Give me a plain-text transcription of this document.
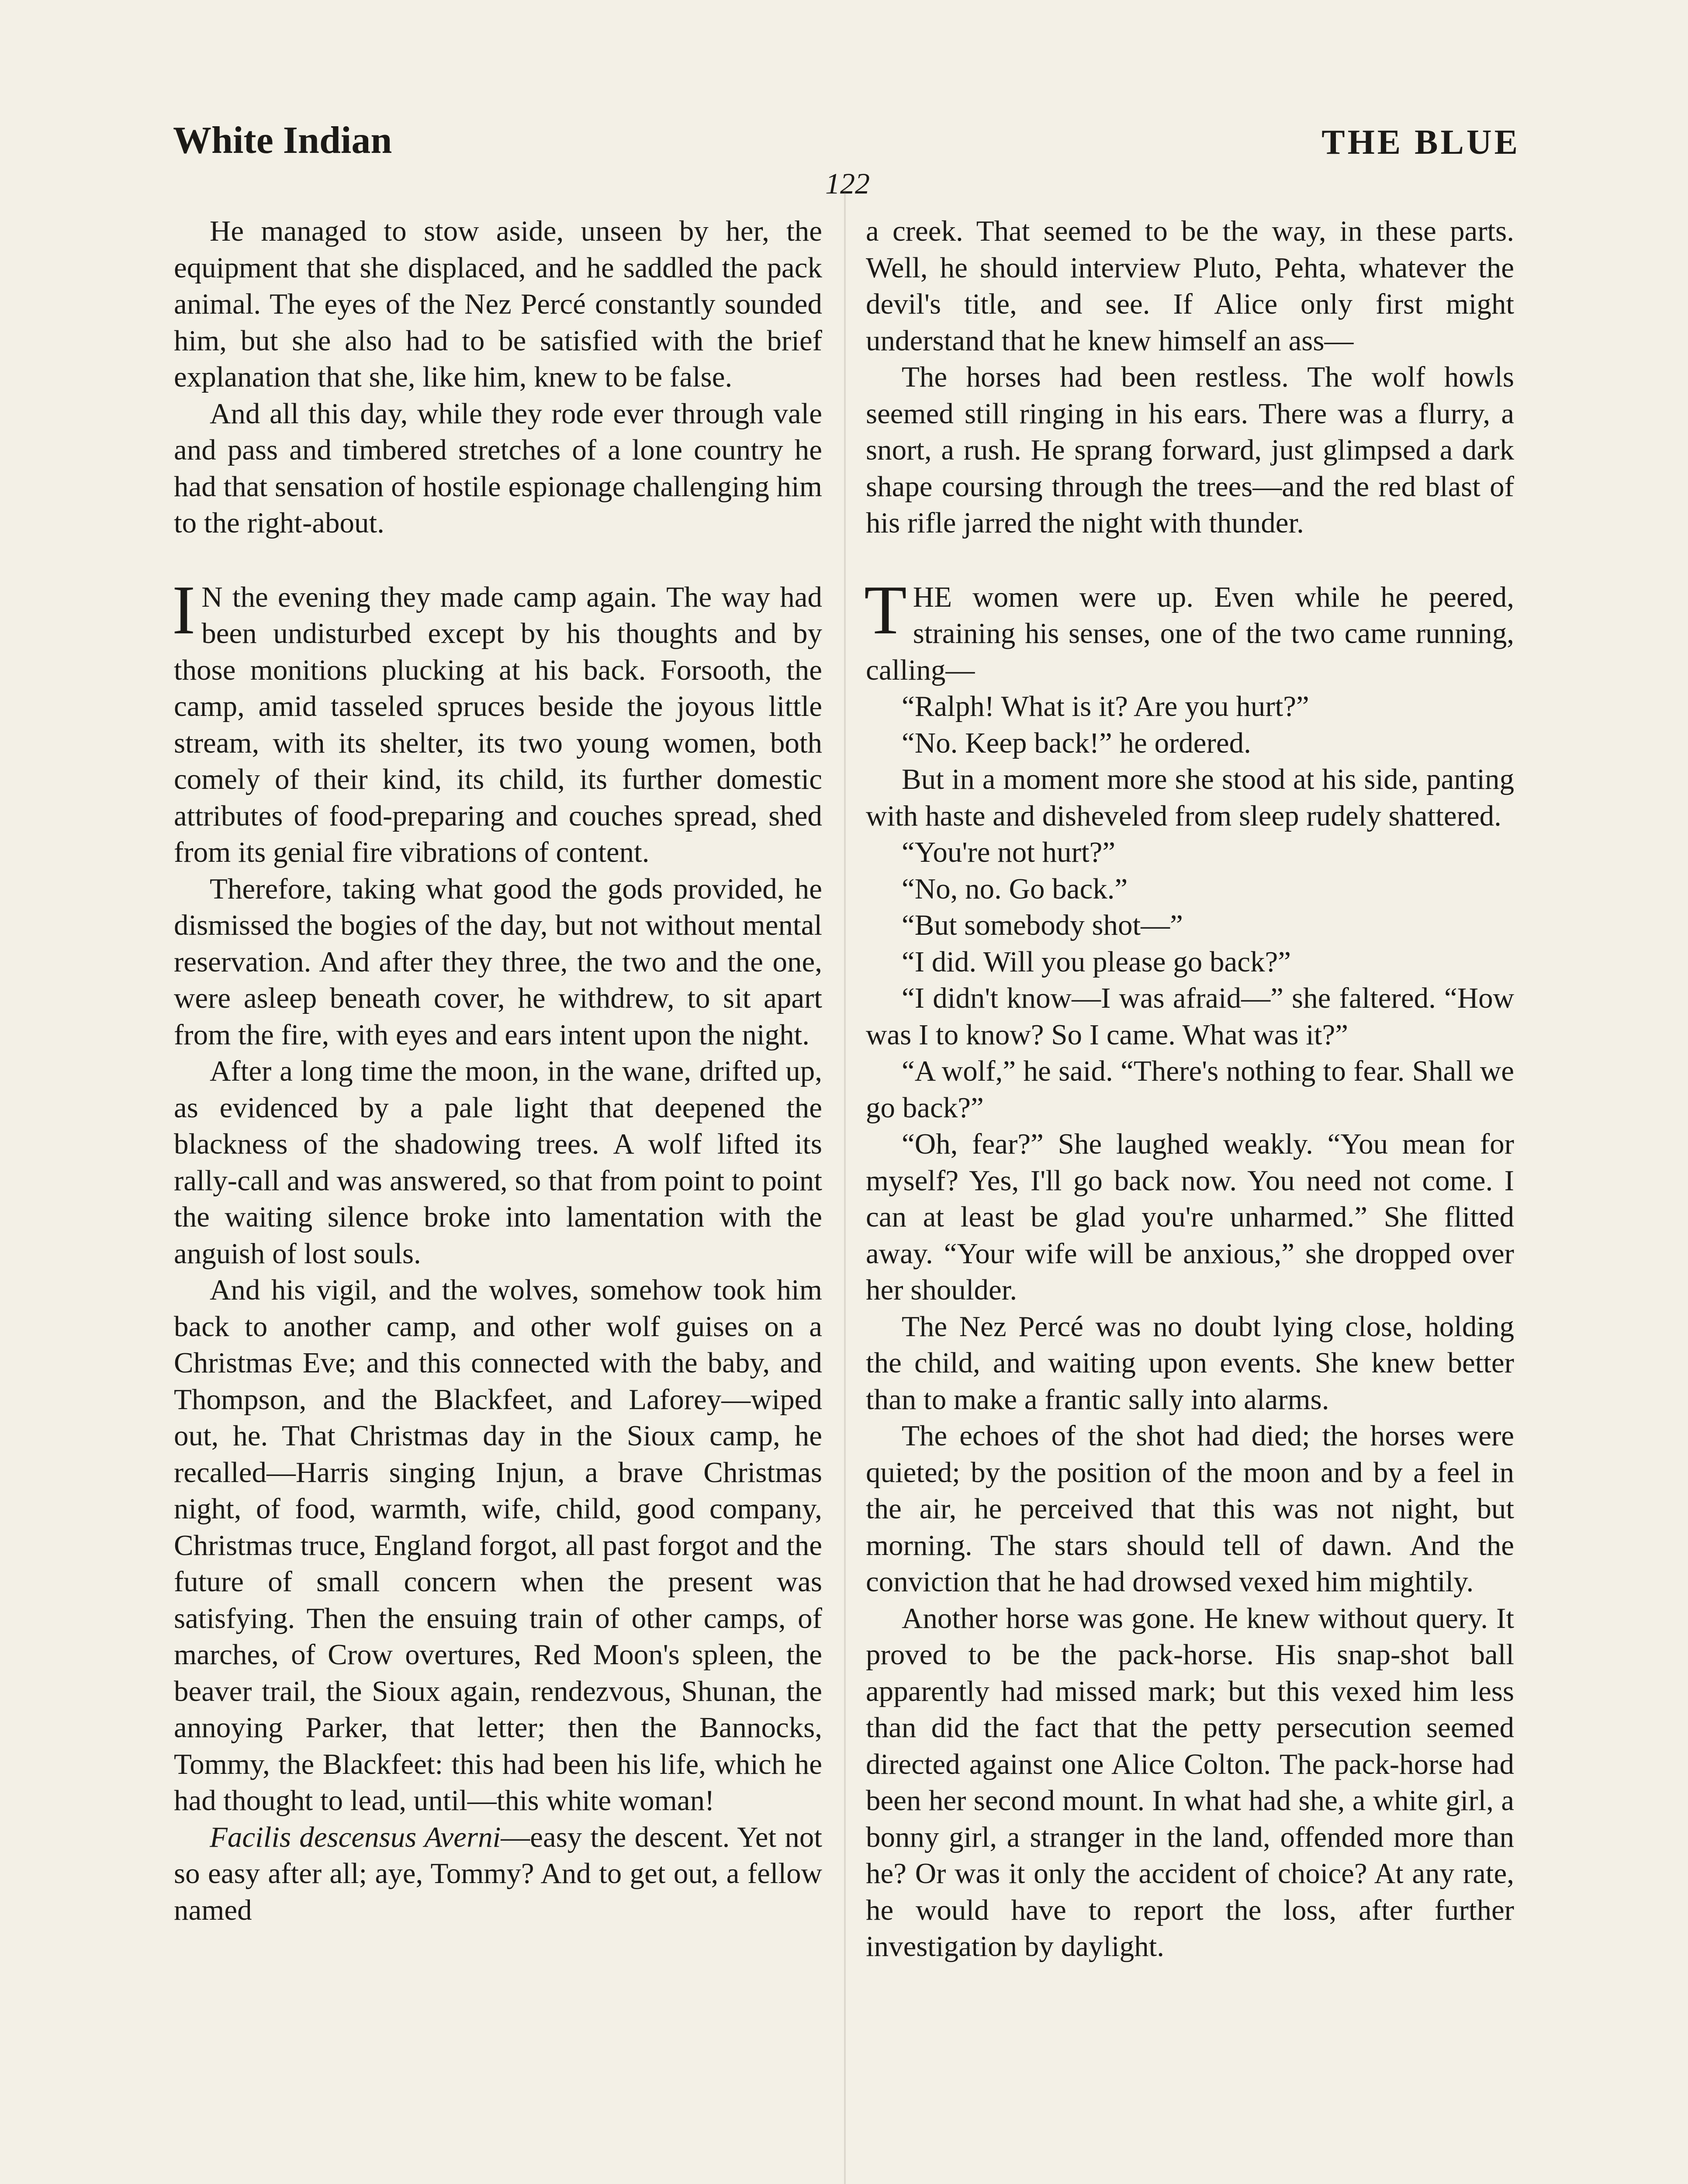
White Indian	THE BLUE
122

He managed to stow aside, unseen by her, the equipment that she displaced, and he saddled the pack animal. The eyes of the Nez Percé constantly sounded him, but she also had to be satisfied with the brief explanation that she, like him, knew to be false.

And all this day, while they rode ever through vale and pass and timbered stretches of a lone country he had that sensation of hostile espionage challenging him to the right-about.

I N the evening they made camp again. The way had been undisturbed except by his thoughts and by those monitions plucking at his back. Forsooth, the camp, amid tasseled spruces beside the joyous little stream, with its shelter, its two young women, both comely of their kind, its child, its further domestic attributes of food-preparing and couches spread, shed from its genial fire vibrations of content.

Therefore, taking what good the gods provided, he dismissed the bogies of the day, but not without mental reservation. And after they three, the two and the one, were asleep beneath cover, he withdrew, to sit apart from the fire, with eyes and ears intent upon the night.

After a long time the moon, in the wane, drifted up, as evidenced by a pale light that deepened the blackness of the shadowing trees. A wolf lifted its rally-call and was answered, so that from point to point the waiting silence broke into lamentation with the anguish of lost souls.

And his vigil, and the wolves, somehow took him back to another camp, and other wolf guises on a Christmas Eve; and this connected with the baby, and Thompson, and the Blackfeet, and Laforey—wiped out, he. That Christmas day in the Sioux camp, he recalled—Harris singing Injun, a brave Christmas night, of food, warmth, wife, child, good company, Christmas truce, England forgot, all past forgot and the future of small concern when the present was satisfying. Then the ensuing train of other camps, of marches, of Crow overtures, Red Moon's spleen, the beaver trail, the Sioux again, rendezvous, Shunan, the annoying Parker, that letter; then the Bannocks, Tommy, the Blackfeet: this had been his life, which he had thought to lead, until—this white woman!

Facilis descensus Averni—easy the descent. Yet not so easy after all; aye, Tommy? And to get out, a fellow named

a creek. That seemed to be the way, in these parts. Well, he should interview Pluto, Pehta, whatever the devil's title, and see. If Alice only first might understand that he knew himself an ass—

The horses had been restless. The wolf howls seemed still ringing in his ears. There was a flurry, a snort, a rush. He sprang forward, just glimpsed a dark shape coursing through the trees—and the red blast of his rifle jarred the night with thunder.

THE women were up. Even while he peered, straining his senses, one of the two came running, calling—

“Ralph! What is it? Are you hurt?”

“No. Keep back!” he ordered.

But in a moment more she stood at his side, panting with haste and disheveled from sleep rudely shattered.

“You're not hurt?”

“No, no. Go back.”

“But somebody shot—”

“I did. Will you please go back?”

“I didn't know—I was afraid—” she faltered. “How was I to know? So I came. What was it?”

“A wolf,” he said. “There's nothing to fear. Shall we go back?”

“Oh, fear?” She laughed weakly. “You mean for myself? Yes, I'll go back now. You need not come. I can at least be glad you're unharmed.” She flitted away. “Your wife will be anxious,” she dropped over her shoulder.

The Nez Percé was no doubt lying close, holding the child, and waiting upon events. She knew better than to make a frantic sally into alarms.

The echoes of the shot had died; the horses were quieted; by the position of the moon and by a feel in the air, he perceived that this was not night, but morning. The stars should tell of dawn. And the conviction that he had drowsed vexed him mightily.

Another horse was gone. He knew without query. It proved to be the pack-horse. His snap-shot ball apparently had missed mark; but this vexed him less than did the fact that the petty persecution seemed directed against one Alice Colton. The pack-horse had been her second mount. In what had she, a white girl, a bonny girl, a stranger in the land, offended more than he? Or was it only the accident of choice? At any rate, he would have to report the loss, after further investigation by daylight.
